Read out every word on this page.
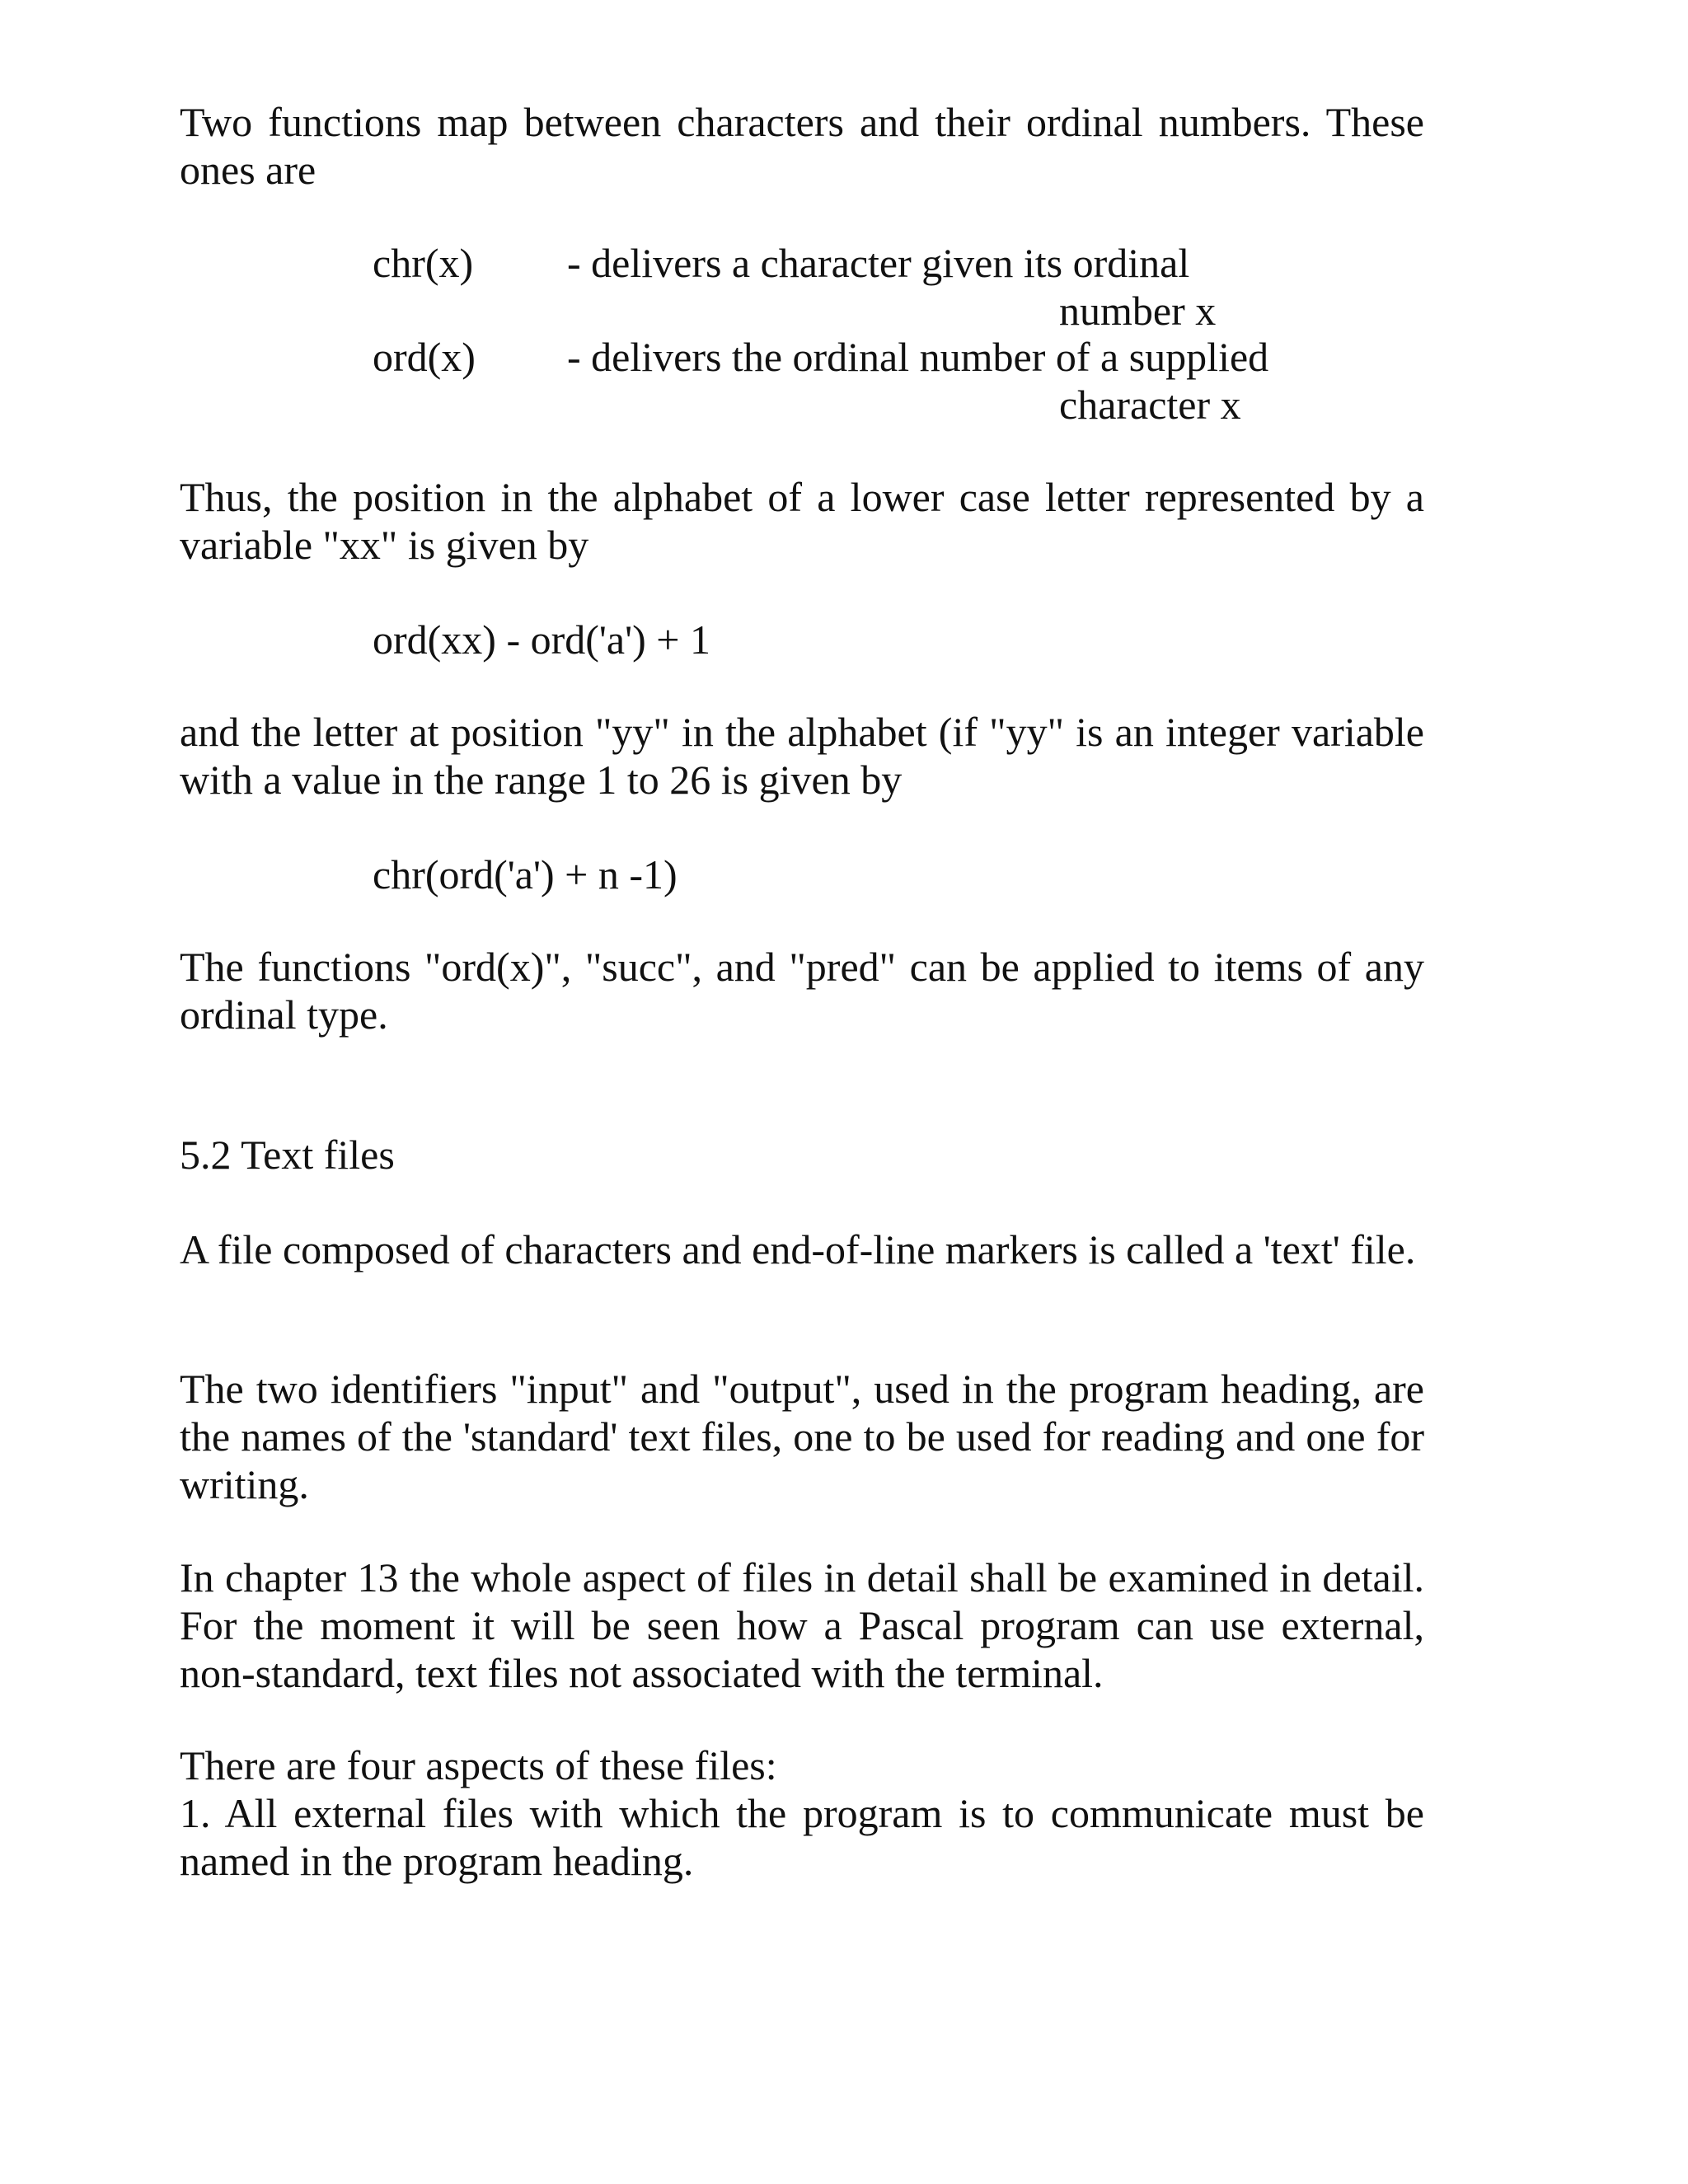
Two functions map between characters and their ordinal numbers. These ones are

chr(x) - delivers a character given its ordinal
number x
ord(x) - delivers the ordinal number of a supplied
character x

Thus, the position in the alphabet of a lower case letter represented by a variable "xx" is given by

ord(xx) - ord('a') + 1

and the letter at position "yy" in the alphabet (if "yy" is an integer variable with a value in the range 1 to 26 is given by

chr(ord('a') + n -1)

The functions "ord(x)", "succ", and "pred" can be applied to items of any ordinal type.

5.2 Text files

A file composed of characters and end-of-line markers is called a 'text' file.

The two identifiers "input" and "output", used in the program heading, are the names of the 'standard' text files, one to be used for reading and one for writing.

In chapter 13 the whole aspect of files in detail shall be examined in detail. For the moment it will be seen how a Pascal program can use external, non-standard, text files not associated with the terminal.

There are four aspects of these files:

1. All external files with which the program is to communicate must be named in the program heading.
